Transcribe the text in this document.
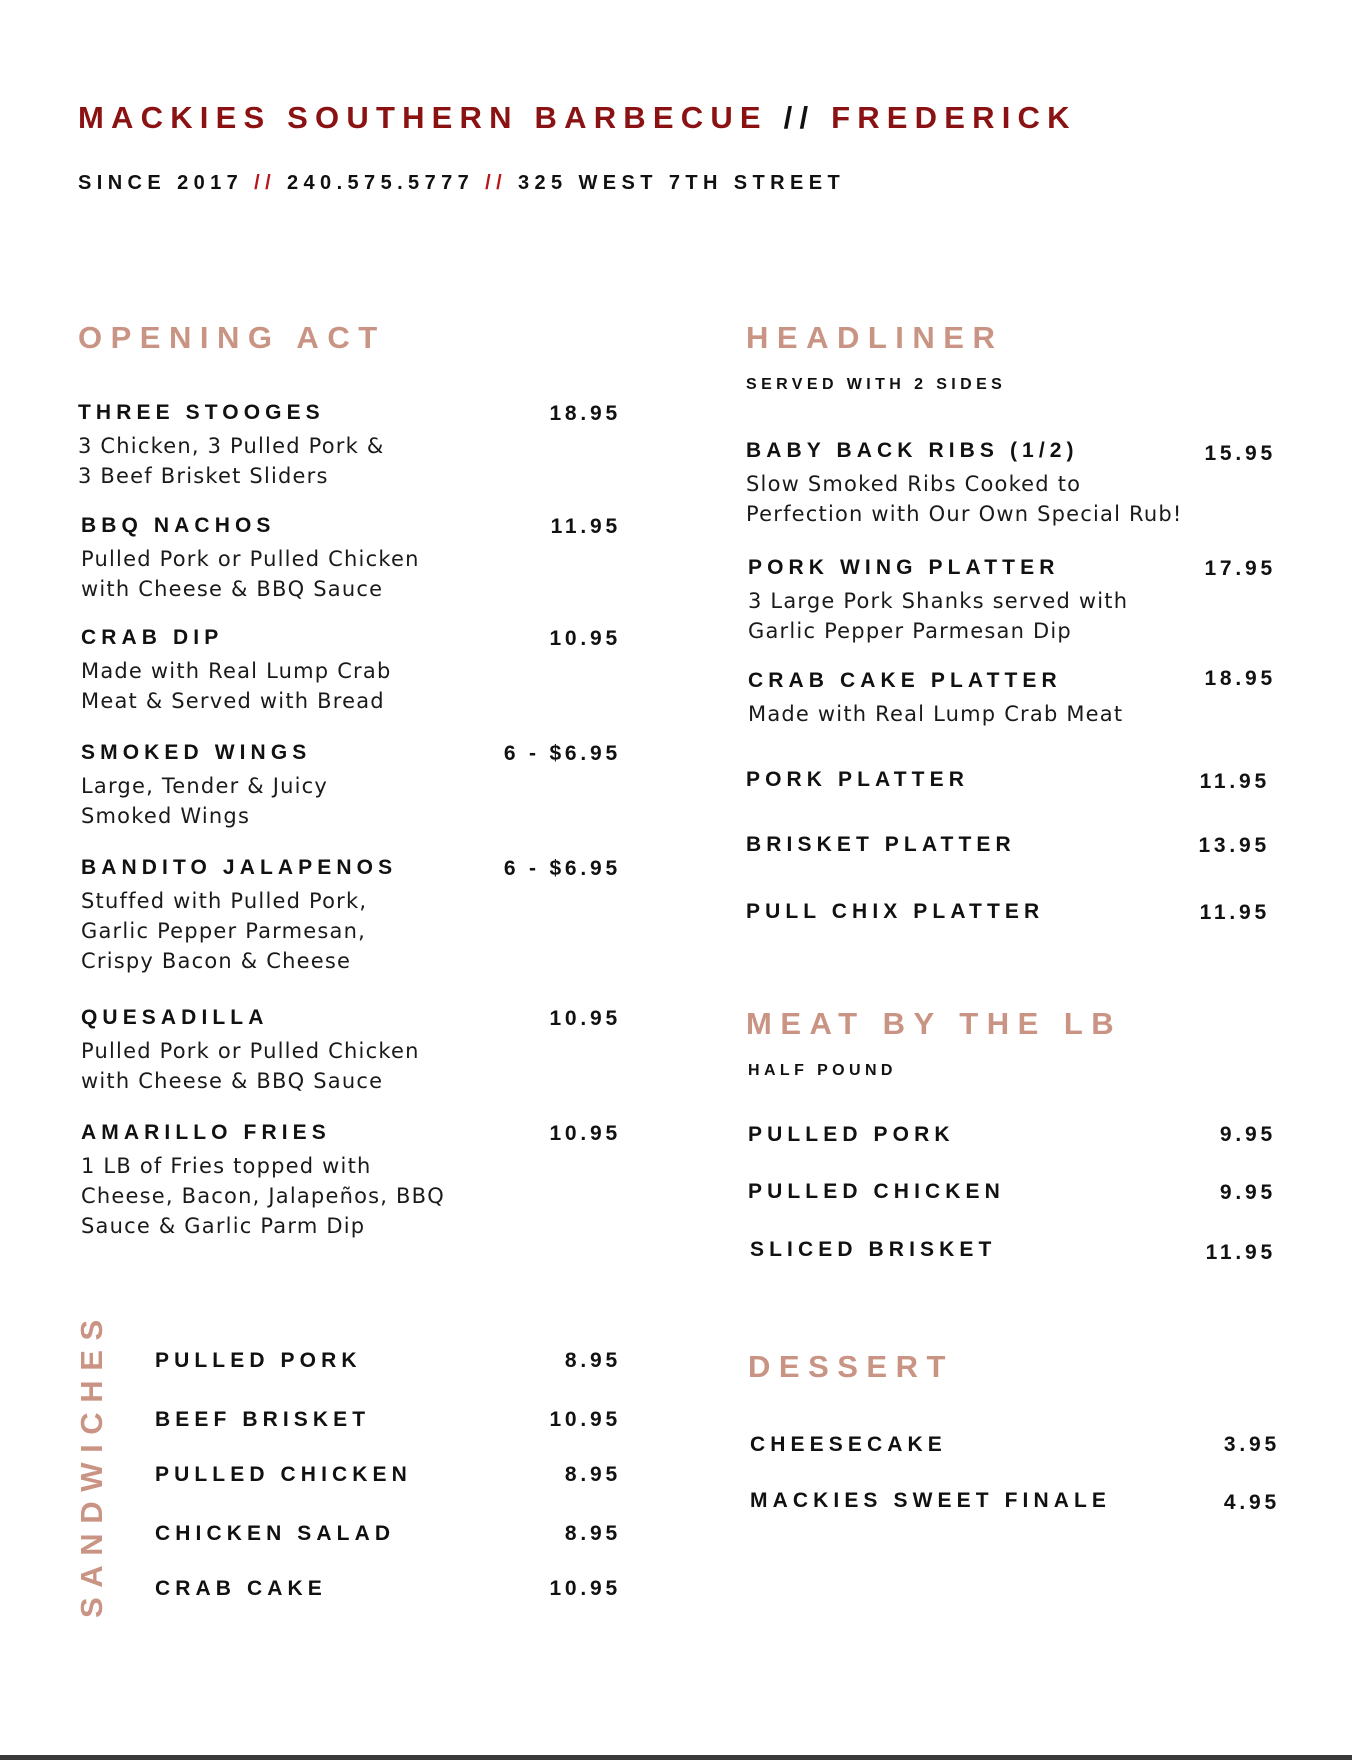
MACKIES SOUTHERN BARBECUE // FREDERICK
SINCE 2017 // 240.575.5777 // 325 WEST 7TH STREET
OPENING ACT
THREE STOOGES
3 Chicken, 3 Pulled Pork &
3 Beef Brisket Sliders
18.95
BBQ NACHOS
Pulled Pork or Pulled Chicken
with Cheese & BBQ Sauce
11.95
CRAB DIP
Made with Real Lump Crab
Meat & Served with Bread
10.95
SMOKED WINGS
Large, Tender & Juicy
Smoked Wings
6 - $6.95
BANDITO JALAPENOS
Stuffed with Pulled Pork,
Garlic Pepper Parmesan,
Crispy Bacon & Cheese
6 - $6.95
QUESADILLA
Pulled Pork or Pulled Chicken
with Cheese & BBQ Sauce
10.95
AMARILLO FRIES
1 LB of Fries topped with
Cheese, Bacon, Jalapeños, BBQ
Sauce & Garlic Parm Dip
10.95
HEADLINER
SERVED WITH 2 SIDES
BABY BACK RIBS (1/2)
Slow Smoked Ribs Cooked to
Perfection with Our Own Special Rub!
15.95
PORK WING PLATTER
3 Large Pork Shanks served with
Garlic Pepper Parmesan Dip
17.95
CRAB CAKE PLATTER
Made with Real Lump Crab Meat
18.95
PORK PLATTER	11.95
BRISKET PLATTER	13.95
PULL CHIX PLATTER	11.95
MEAT BY THE LB
HALF POUND
PULLED PORK	9.95
PULLED CHICKEN	9.95
SLICED BRISKET	11.95
SANDWICHES PULLED PORK	8.95
BEEF BRISKET	10.95
PULLED CHICKEN	8.95
CHICKEN SALAD	8.95
CRAB CAKE	10.95
DESSERT
CHEESECAKE	3.95
MACKIES SWEET FINALE	4.95
